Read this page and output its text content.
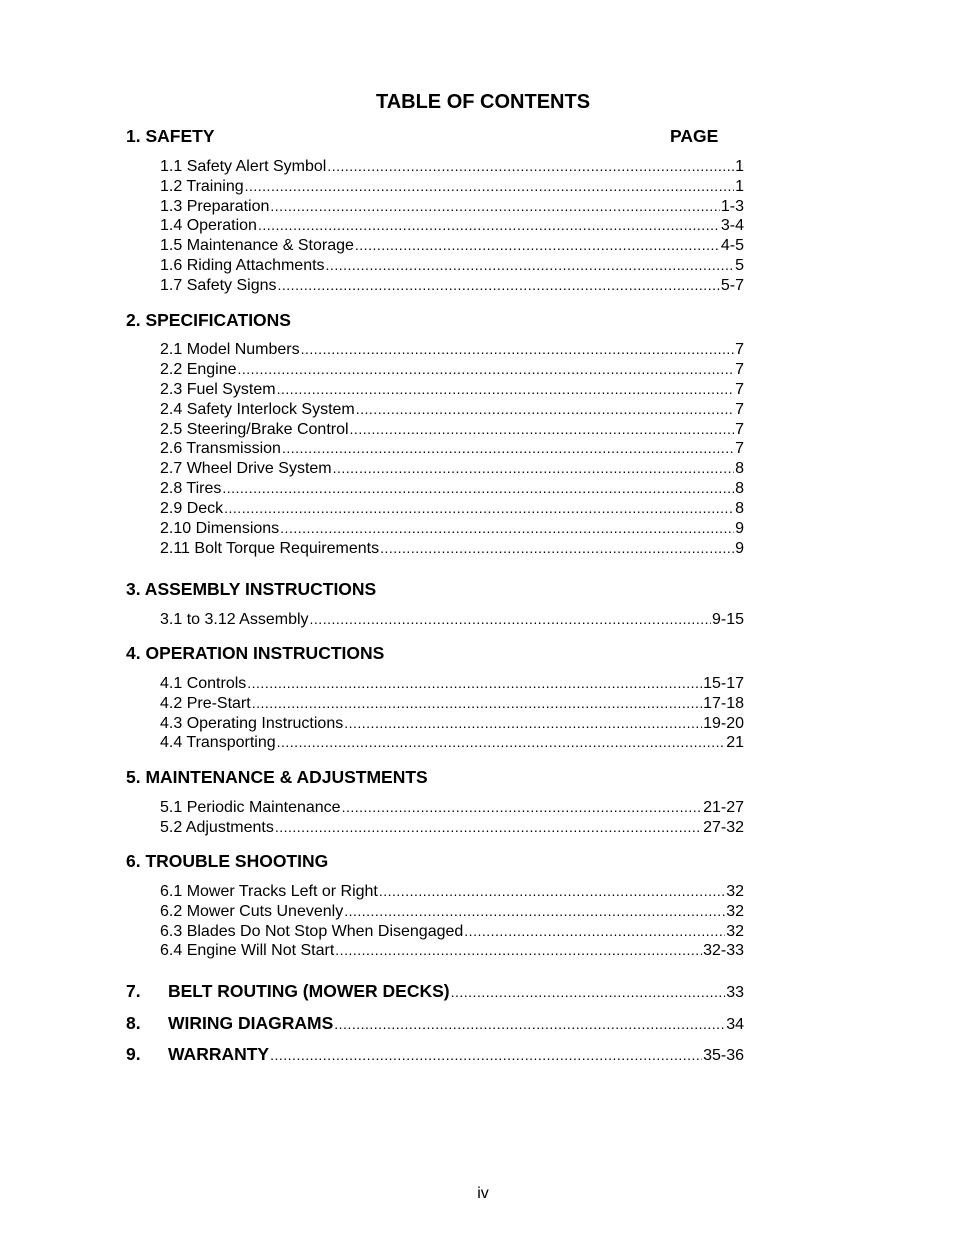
TABLE OF CONTENTS
1. SAFETY	PAGE
1.1 Safety Alert Symbol .....	1
1.2 Training .....	1
1.3 Preparation .....	1-3
1.4 Operation .....	3-4
1.5 Maintenance & Storage .....	4-5
1.6 Riding Attachments .....	5
1.7 Safety Signs .....	5-7
2. SPECIFICATIONS
2.1 Model Numbers .....	7
2.2 Engine .....	7
2.3 Fuel System .....	7
2.4 Safety Interlock System .....	7
2.5 Steering/Brake Control .....	7
2.6 Transmission .....	7
2.7 Wheel Drive System .....	8
2.8 Tires .....	8
2.9 Deck .....	8
2.10 Dimensions .....	9
2.11 Bolt Torque Requirements .....	9
3. ASSEMBLY INSTRUCTIONS
3.1 to 3.12 Assembly .....	9-15
4. OPERATION INSTRUCTIONS
4.1 Controls .....	15-17
4.2 Pre-Start .....	17-18
4.3 Operating Instructions .....	19-20
4.4 Transporting .....	21
5. MAINTENANCE & ADJUSTMENTS
5.1 Periodic Maintenance .....	21-27
5.2 Adjustments .....	27-32
6. TROUBLE SHOOTING
6.1 Mower Tracks Left or Right .....	32
6.2 Mower Cuts Unevenly .....	32
6.3 Blades Do Not Stop When Disengaged .....	32
6.4 Engine Will Not Start .....	32-33
7.	BELT ROUTING (MOWER DECKS) .....	33
8.	WIRING DIAGRAMS .....	34
9.	WARRANTY .....	35-36
iv
